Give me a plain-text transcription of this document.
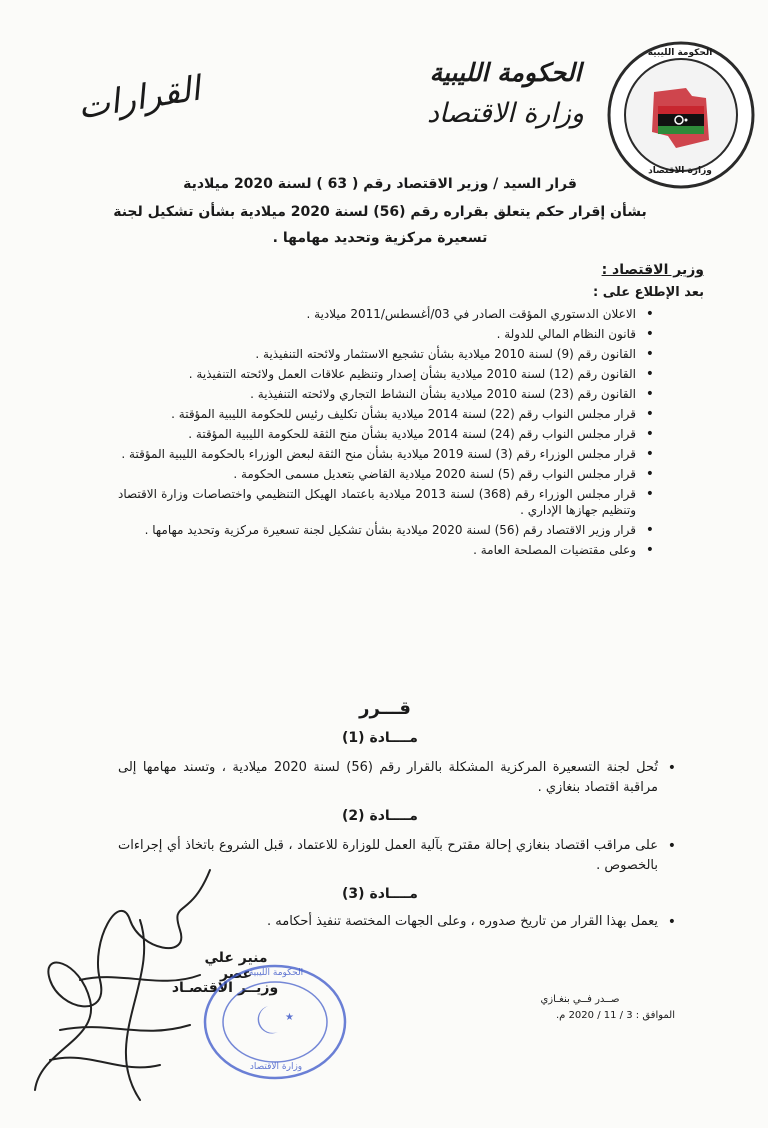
الحكومة الليبية
وزارة الاقتصاد
الحكومة الليبية
وزارة الاقتصاد
القرارات
قرار السيد / وزير الاقتصاد رقم ( 63 ) لسنة 2020 ميلادية
بشأن إقرار حكم يتعلق بقراره رقم (56) لسنة 2020 ميلادية بشأن تشكيل لجنة
تسعيرة مركزية وتحديد مهامها .
وزير الاقتصاد :
بعد الإطلاع على :
• الاعلان الدستوري المؤقت الصادر في 03/أغسطس/2011 ميلادية .
• قانون النظام المالي للدولة .
• القانون رقم (9) لسنة 2010 ميلادية بشأن تشجيع الاستثمار ولائحته التنفيذية .
• القانون رقم (12) لسنة 2010 ميلادية بشأن إصدار وتنظيم علاقات العمل ولائحته التنفيذية .
• القانون رقم (23) لسنة 2010 ميلادية بشأن النشاط التجاري ولائحته التنفيذية .
• قرار مجلس النواب رقم (22) لسنة 2014 ميلادية بشأن تكليف رئيس للحكومة الليبية المؤقتة .
• قرار مجلس النواب رقم (24) لسنة 2014 ميلادية بشأن منح الثقة للحكومة الليبية المؤقتة .
• قرار مجلس الوزراء رقم (3) لسنة 2019 ميلادية بشأن منح الثقة لبعض الوزراء بالحكومة الليبية المؤقتة .
• قرار مجلس النواب رقم (5) لسنة 2020 ميلادية القاضي بتعديل مسمى الحكومة .
• قرار مجلس الوزراء رقم (368) لسنة 2013 ميلادية باعتماد الهيكل التنظيمي واختصاصات وزارة الاقتصاد وتنظيم جهازها الإداري .
• قرار وزير الاقتصاد رقم (56) لسنة 2020 ميلادية بشأن تشكيل لجنة تسعيرة مركزية وتحديد مهامها .
• وعلى مقتضيات المصلحة العامة .
قـــرر
مــــادة (1)
• تُحل لجنة التسعيرة المركزية المشكلة بالقرار رقم (56) لسنة 2020 ميلادية ، وتسند مهامها إلى مراقبة اقتصاد بنغازي .
مــــادة (2)
• على مراقب اقتصاد بنغازي إحالة مقترح بآلية العمل للوزارة للاعتماد ، قبل الشروع باتخاذ أي إجراءات بالخصوص .
مــــادة (3)
• يعمل بهذا القرار من تاريخ صدوره ، وعلى الجهات المختصة تنفيذ أحكامه .
منير علي عصر
وزيــر الاقتصـاد
★
الحكومة الليبية
وزارة الاقتصاد
صــدر فــي بنغـازي
الموافق : 3 / 11 / 2020 م.
